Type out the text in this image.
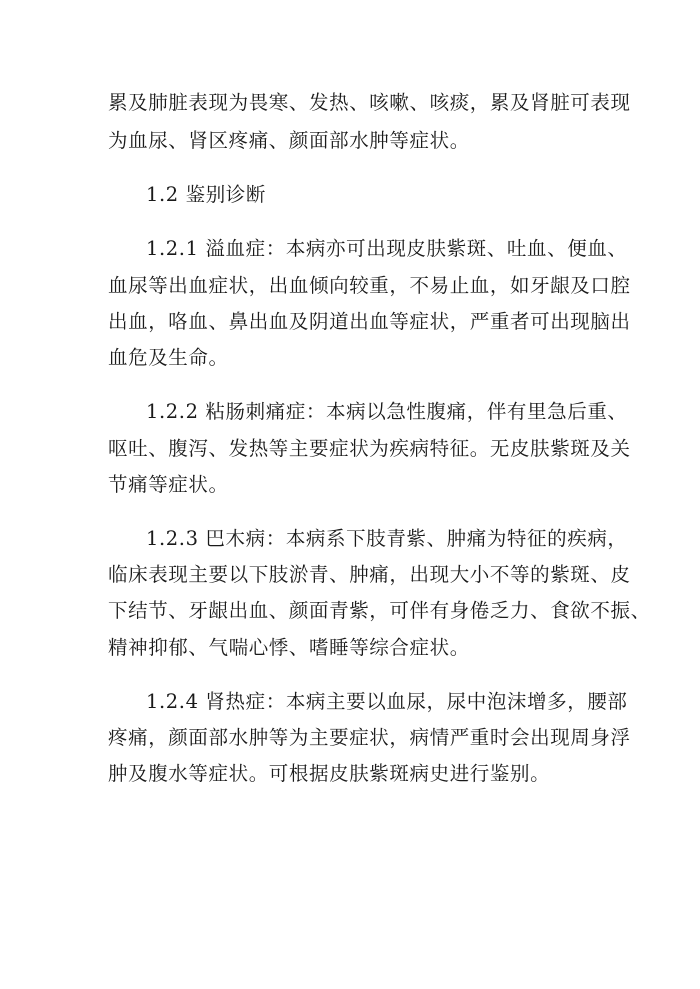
累及肺脏表现为畏寒、发热、咳嗽、咳痰，累及肾脏可表现
为血尿、肾区疼痛、颜面部水肿等症状。
1.2 鉴别诊断
1.2.1 溢血症：本病亦可出现皮肤紫斑、吐血、便血、
血尿等出血症状，出血倾向较重，不易止血，如牙龈及口腔
出血，咯血、鼻出血及阴道出血等症状，严重者可出现脑出
血危及生命。
1.2.2 粘肠刺痛症：本病以急性腹痛，伴有里急后重、
呕吐、腹泻、发热等主要症状为疾病特征。无皮肤紫斑及关
节痛等症状。
1.2.3 巴木病：本病系下肢青紫、肿痛为特征的疾病，
临床表现主要以下肢淤青、肿痛，出现大小不等的紫斑、皮
下结节、牙龈出血、颜面青紫，可伴有身倦乏力、食欲不振、
精神抑郁、气喘心悸、嗜睡等综合症状。
1.2.4 肾热症：本病主要以血尿，尿中泡沫增多，腰部
疼痛，颜面部水肿等为主要症状，病情严重时会出现周身浮
肿及腹水等症状。可根据皮肤紫斑病史进行鉴别。
